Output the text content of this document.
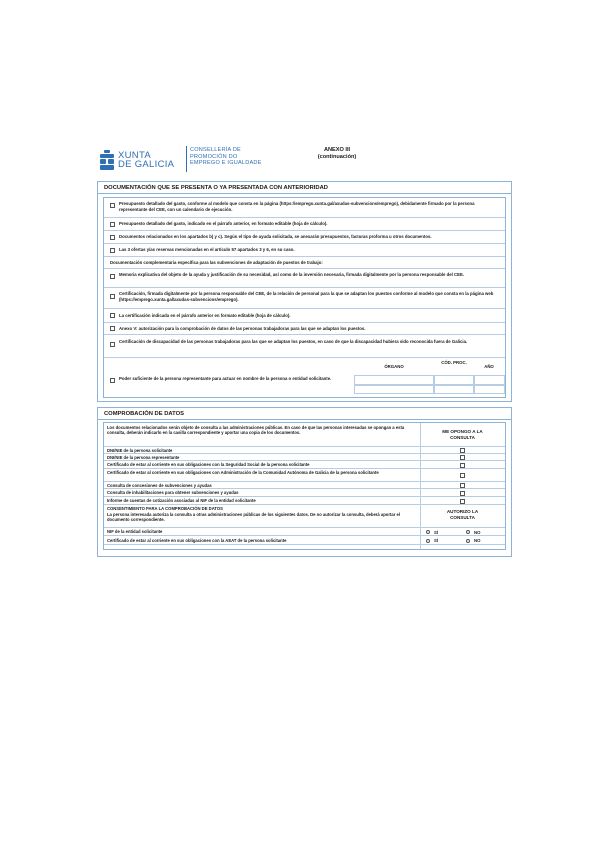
XUNTA
DE GALICIA
CONSELLERÍA DE
PROMOCIÓN DO
EMPREGO E IGUALDADE
ANEXO III
(continuación)
DOCUMENTACIÓN QUE SE PRESENTA O YA PRESENTADA CON ANTERIORIDAD
Presupuesto detallado del gasto, conforme al modelo que consta en la página (https://emprego.xunta.gal/axudas-subvencions/emprego), debidamente firmado por la persona representante del CEE, con un calendario de ejecución.
Presupuesto detallado del gasto, indicado en el párrafo anterior, en formato editable (hoja de cálculo).
Documentos relacionados en los apartados b) y c). Según el tipo de ayuda solicitada, se anexarán presupuestos, facturas proforma u otros documentos.
Las 3 ofertas y/as reservas mencionadas en el artículo 57 apartados 3 y 6, en su caso.
Documentación complementaria específica para las subvenciones de adaptación de puestos de trabajo:
Memoria explicativa del objeto de la ayuda y justificación de su necesidad, así como de la inversión necesaria, firmada digitalmente por la persona responsable del CEE.
Certificación, firmada digitalmente por la persona responsable del CEE, de la relación de personal para la que se adaptan los puestos conforme al modelo que consta en la página web (https://emprego.xunta.gal/axudas-subvencions/emprego).
La certificación indicada en el párrafo anterior en formato editable (hoja de cálculo).
Anexo V: autorización para la comprobación de datos de las personas trabajadoras para las que se adaptan los puestos.
Certificación de discapacidad de las personas trabajadoras para las que se adaptan los puestos, en caso de que la discapacidad hubiera sido reconocida fuera de Galicia.
ÓRGANO
CÓD. PROC.
AÑO
Poder suficiente de la persona representante para actuar en nombre de la persona o entidad solicitante.
COMPROBACIÓN DE DATOS
Los documentos relacionados serán objeto de consulta a las administraciones públicas. En caso de que las personas interesadas se opongan a esta consulta, deberán indicarlo en la casilla correspondiente y aportar una copia de los documentos.	ME OPONGO A LA CONSULTA
DNI/NIE de la persona solicitante
DNI/NIE de la persona representante
Certificado de estar al corriente en sus obligaciones con la Seguridad Social de la persona solicitante
Certificado de estar al corriente en sus obligaciones con Administración de la Comunidad Autónoma de Galicia de la persona solicitante
Consulta de concesiones de subvenciones y ayudas
Consulta de inhabilitaciones para obtener subvenciones y ayudas
Informe de cuentas de cotización asociadas al NIF de la entidad solicitante
CONSENTIMIENTO PARA LA COMPROBACIÓN DE DATOS
La persona interesada autoriza la consulta a otras administraciones públicas de los siguientes datos. De no autorizar la consulta, deberá aportar el documento correspondiente.
AUTORIZO LA CONSULTA
NIF de la entidad solicitante	SÍ	NO
Certificado de estar al corriente en sus obligaciones con la AEAT de la persona solicitante	SÍ	NO
